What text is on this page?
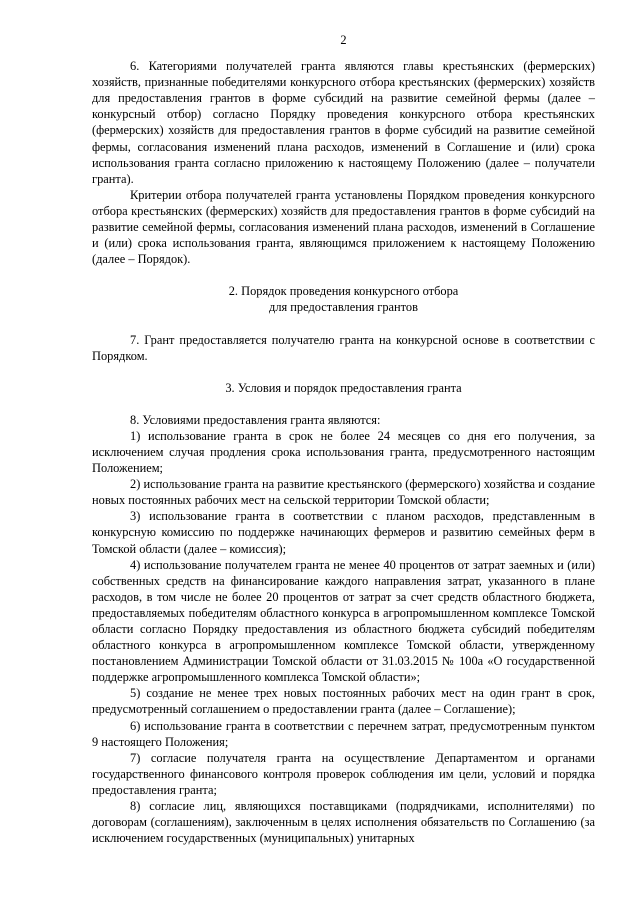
2

6. Категориями получателей гранта являются главы крестьянских (фермерских) хозяйств, признанные победителями конкурсного отбора крестьянских (фермерских) хозяйств для предоставления грантов в форме субсидий на развитие семейной фермы (далее – конкурсный отбор) согласно Порядку проведения конкурсного отбора крестьянских (фермерских) хозяйств для предоставления грантов в форме субсидий на развитие семейной фермы, согласования изменений плана расходов, изменений в Соглашение и (или) срока использования гранта согласно приложению к настоящему Положению (далее – получатели гранта).

Критерии отбора получателей гранта установлены Порядком проведения конкурсного отбора крестьянских (фермерских) хозяйств для предоставления грантов в форме субсидий на развитие семейной фермы, согласования изменений плана расходов, изменений в Соглашение и (или) срока использования гранта, являющимся приложением к настоящему Положению (далее – Порядок).

2. Порядок проведения конкурсного отбора
для предоставления грантов

7. Грант предоставляется получателю гранта на конкурсной основе в соответствии с Порядком.

3. Условия и порядок предоставления гранта

8. Условиями предоставления гранта являются:

1) использование гранта в срок не более 24 месяцев со дня его получения, за исключением случая продления срока использования гранта, предусмотренного настоящим Положением;

2) использование гранта на развитие крестьянского (фермерского) хозяйства и создание новых постоянных рабочих мест на сельской территории Томской области;

3) использование гранта в соответствии с планом расходов, представленным в конкурсную комиссию по поддержке начинающих фермеров и развитию семейных ферм в Томской области (далее – комиссия);

4) использование получателем гранта не менее 40 процентов от затрат заемных и (или) собственных средств на финансирование каждого направления затрат, указанного в плане расходов, в том числе не более 20 процентов от затрат за счет средств областного бюджета, предоставляемых победителям областного конкурса в агропромышленном комплексе Томской области согласно Порядку предоставления из областного бюджета субсидий победителям областного конкурса в агропромышленном комплексе Томской области, утвержденному постановлением Администрации Томской области от 31.03.2015 № 100а «О государственной поддержке агропромышленного комплекса Томской области»;

5) создание не менее трех новых постоянных рабочих мест на один грант в срок, предусмотренный соглашением о предоставлении гранта (далее – Соглашение);

6) использование гранта в соответствии с перечнем затрат, предусмотренным пунктом 9 настоящего Положения;

7) согласие получателя гранта на осуществление Департаментом и органами государственного финансового контроля проверок соблюдения им цели, условий и порядка предоставления гранта;

8) согласие лиц, являющихся поставщиками (подрядчиками, исполнителями) по договорам (соглашениям), заключенным в целях исполнения обязательств по Соглашению (за исключением государственных (муниципальных) унитарных
